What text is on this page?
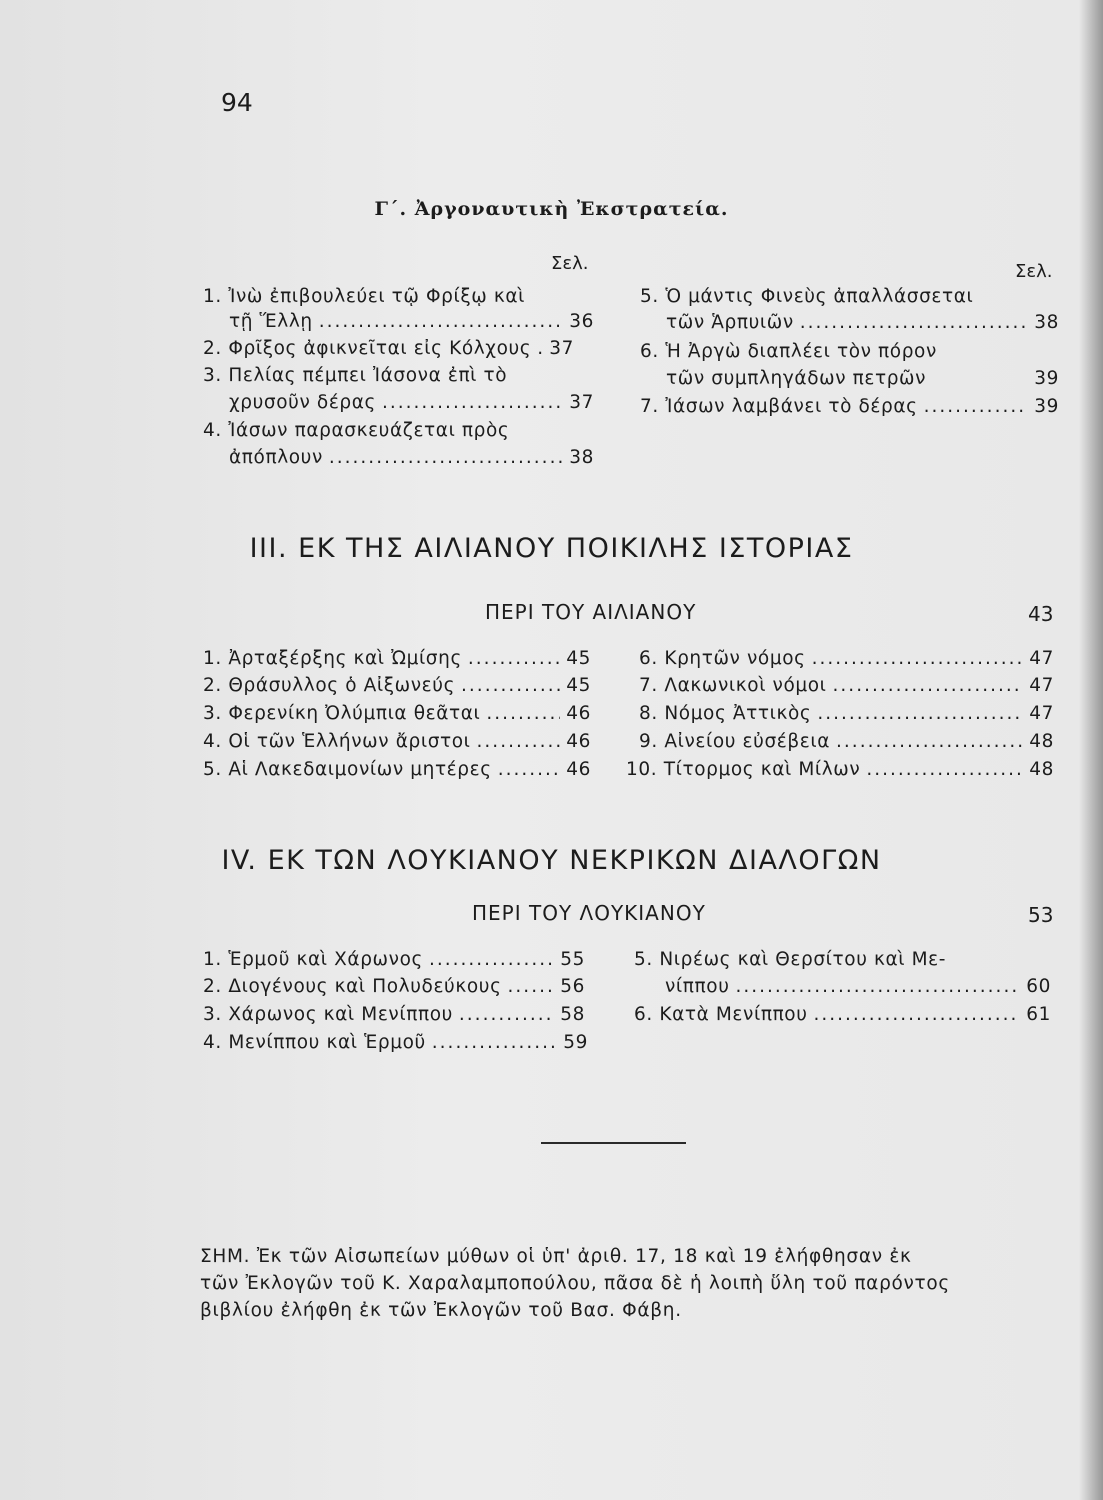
94
Γ΄. Ἀργοναυτικὴ Ἐκστρατεία.
Σελ.	Σελ.
1. Ἰνὼ ἐπιβουλεύει τῷ Φρίξῳ καὶ
τῇ Ἕλλῃ .....	36
2. Φρῖξος ἀφικνεῖται εἰς Κόλχους ..... 37
3. Πελίας πέμπει Ἰάσονα ἐπὶ τὸ
χρυσοῦν δέρας .....	37
4. Ἰάσων παρασκευάζεται πρὸς
ἀπόπλουν .....	38
5. Ὁ μάντις Φινεὺς ἀπαλλάσσεται
τῶν Ἁρπυιῶν .....	38
6. Ἡ Ἀργὼ διαπλέει τὸν πόρον
τῶν συμπληγάδων πετρῶν	39
7. Ἰάσων λαμβάνει τὸ δέρας .....	39
III. ΕΚ ΤΗΣ ΑΙΛΙΑΝΟΥ ΠΟΙΚΙΛΗΣ ΙΣΤΟΡΙΑΣ
ΠΕΡΙ ΤΟΥ ΑΙΛΙΑΝΟΥ	43
1. Ἀρταξέρξης καὶ Ὠμίσης .....	45
2. Θράσυλλος ὁ Αἰξωνεύς .....	45
3. Φερενίκη Ὀλύμπια θεᾶται .....	46
4. Οἱ τῶν Ἑλλήνων ἄριστοι .....	46
5. Αἱ Λακεδαιμονίων μητέρες .....	46
6. Κρητῶν νόμος .....	47
7. Λακωνικοὶ νόμοι .....	47
8. Νόμος Ἀττικὸς .....	47
9. Αἰνείου εὐσέβεια .....	48
10. Τίτορμος καὶ Μίλων .....	48
IV. ΕΚ ΤΩΝ ΛΟΥΚΙΑΝΟΥ ΝΕΚΡΙΚΩΝ ΔΙΑΛΟΓΩΝ
ΠΕΡΙ ΤΟΥ ΛΟΥΚΙΑΝΟΥ	53
1. Ἑρμοῦ καὶ Χάρωνος .....	55
2. Διογένους καὶ Πολυδεύκους .....	56
3. Χάρωνος καὶ Μενίππου .....	58
4. Μενίππου καὶ Ἑρμοῦ .....	59
5. Νιρέως καὶ Θερσίτου καὶ Με-
νίππου .....	60
6. Κατὰ Μενίππου .....	61
ΣΗΜ. Ἐκ τῶν Αἰσωπείων μύθων οἱ ὑπ' ἀριθ. 17, 18 καὶ 19 ἐλήφθησαν ἐκ
τῶν Ἐκλογῶν τοῦ Κ. Χαραλαμποπούλου, πᾶσα δὲ ἡ λοιπὴ ὕλη τοῦ παρόντος
βιβλίου ἐλήφθη ἐκ τῶν Ἐκλογῶν τοῦ Βασ. Φάβη.
